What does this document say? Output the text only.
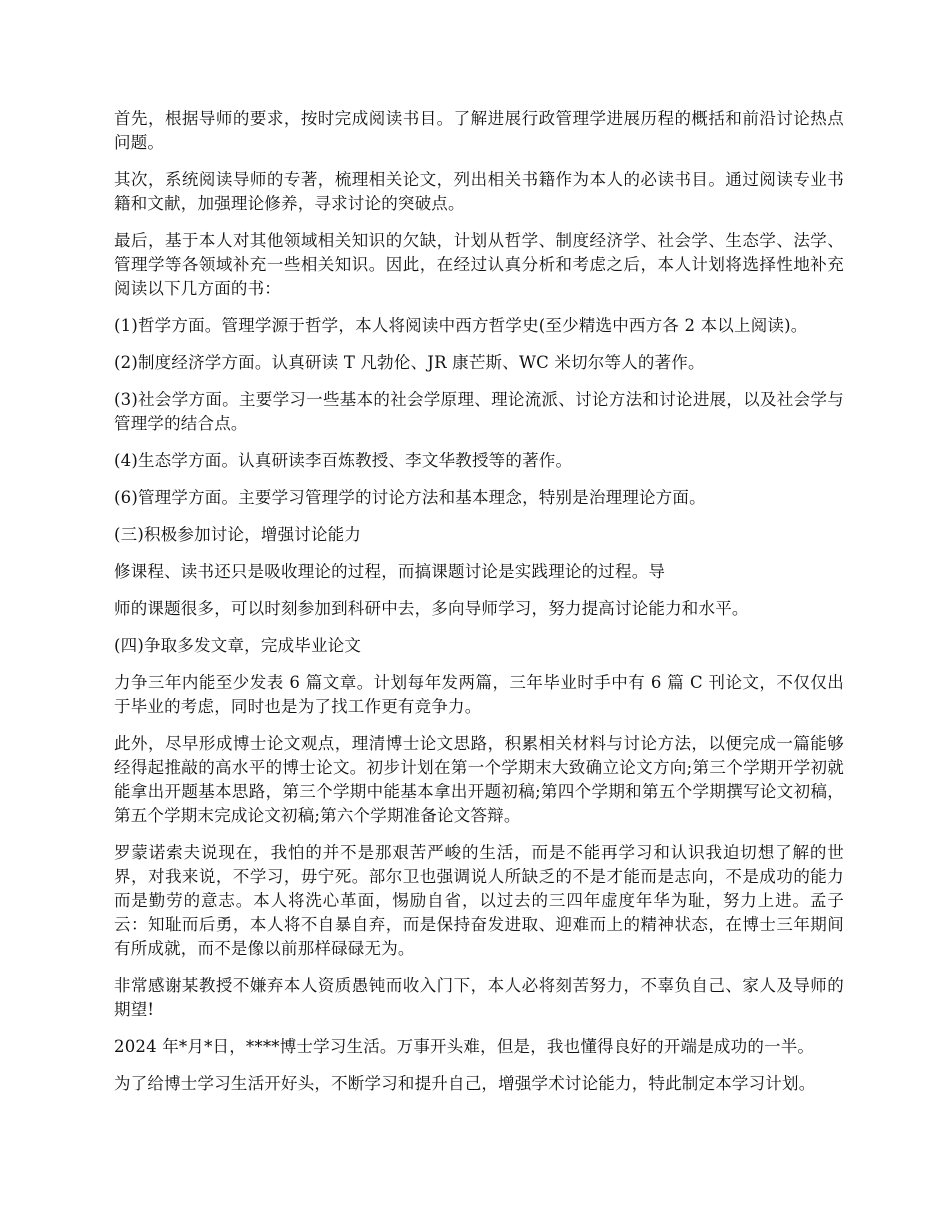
首先，根据导师的要求，按时完成阅读书目。了解进展行政管理学进展历程的概括和前沿讨论热点问题。

其次，系统阅读导师的专著，梳理相关论文，列出相关书籍作为本人的必读书目。通过阅读专业书籍和文献，加强理论修养，寻求讨论的突破点。

最后，基于本人对其他领域相关知识的欠缺，计划从哲学、制度经济学、社会学、生态学、法学、管理学等各领域补充一些相关知识。因此，在经过认真分析和考虑之后，本人计划将选择性地补充阅读以下几方面的书：

(1)哲学方面。管理学源于哲学，本人将阅读中西方哲学史(至少精选中西方各 2 本以上阅读)。

(2)制度经济学方面。认真研读 T 凡勃伦、JR 康芒斯、WC 米切尔等人的著作。

(3)社会学方面。主要学习一些基本的社会学原理、理论流派、讨论方法和讨论进展，以及社会学与管理学的结合点。

(4)生态学方面。认真研读李百炼教授、李文华教授等的著作。

(6)管理学方面。主要学习管理学的讨论方法和基本理念，特别是治理理论方面。

(三)积极参加讨论，增强讨论能力

修课程、读书还只是吸收理论的过程，而搞课题讨论是实践理论的过程。导

师的课题很多，可以时刻参加到科研中去，多向导师学习，努力提高讨论能力和水平。

(四)争取多发文章，完成毕业论文

力争三年内能至少发表 6 篇文章。计划每年发两篇，三年毕业时手中有 6 篇 C 刊论文，不仅仅出于毕业的考虑，同时也是为了找工作更有竞争力。

此外，尽早形成博士论文观点，理清博士论文思路，积累相关材料与讨论方法，以便完成一篇能够经得起推敲的高水平的博士论文。初步计划在第一个学期末大致确立论文方向;第三个学期开学初就能拿出开题基本思路，第三个学期中能基本拿出开题初稿;第四个学期和第五个学期撰写论文初稿，第五个学期末完成论文初稿;第六个学期准备论文答辩。

罗蒙诺索夫说现在，我怕的并不是那艰苦严峻的生活，而是不能再学习和认识我迫切想了解的世界，对我来说，不学习，毋宁死。部尔卫也强调说人所缺乏的不是才能而是志向，不是成功的能力而是勤劳的意志。本人将洗心革面，惕励自省，以过去的三四年虚度年华为耻，努力上进。孟子云：知耻而后勇，本人将不自暴自弃，而是保持奋发进取、迎难而上的精神状态，在博士三年期间有所成就，而不是像以前那样碌碌无为。

非常感谢某教授不嫌弃本人资质愚钝而收入门下，本人必将刻苦努力，不辜负自己、家人及导师的期望!

2024 年*月*日，****博士学习生活。万事开头难，但是，我也懂得良好的开端是成功的一半。

为了给博士学习生活开好头，不断学习和提升自己，增强学术讨论能力，特此制定本学习计划。
